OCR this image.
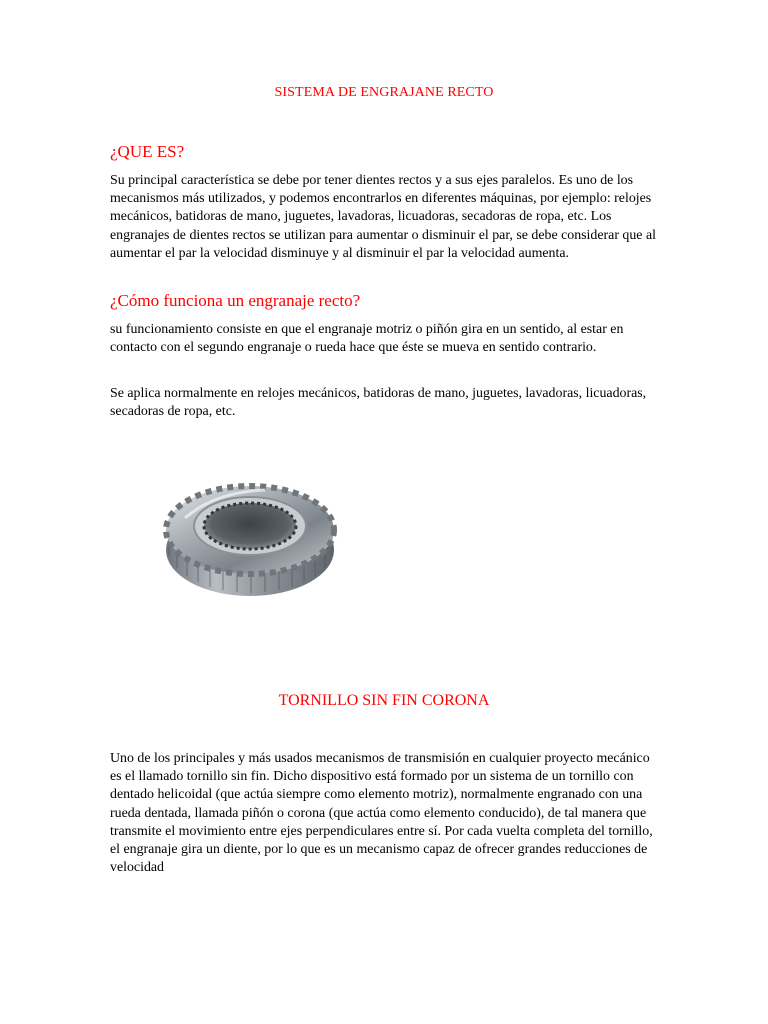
SISTEMA DE ENGRAJANE RECTO
¿QUE ES?

Su principal característica se debe por tener dientes rectos y a sus ejes paralelos. Es uno de los mecanismos más utilizados, y podemos encontrarlos en diferentes máquinas, por ejemplo: relojes mecánicos, batidoras de mano, juguetes, lavadoras, licuadoras, secadoras de ropa, etc. Los engranajes de dientes rectos se utilizan para aumentar o disminuir el par, se debe considerar que al aumentar el par la velocidad disminuye y al disminuir el par la velocidad aumenta.

¿Cómo funciona un engranaje recto?

su funcionamiento consiste en que el engranaje motriz o piñón gira en un sentido, al estar en contacto con el segundo engranaje o rueda hace que éste se mueva en sentido contrario.

Se aplica normalmente en relojes mecánicos, batidoras de mano, juguetes, lavadoras, licuadoras, secadoras de ropa, etc.

TORNILLO SIN FIN CORONA

Uno de los principales y más usados mecanismos de transmisión en cualquier proyecto mecánico es el llamado tornillo sin fin. Dicho dispositivo está formado por un sistema de un tornillo con dentado helicoidal (que actúa siempre como elemento motriz), normalmente engranado con una rueda dentada, llamada piñón o corona (que actúa como elemento conducido), de tal manera que transmite el movimiento entre ejes perpendiculares entre sí. Por cada vuelta completa del tornillo, el engranaje gira un diente, por lo que es un mecanismo capaz de ofrecer grandes reducciones de velocidad
